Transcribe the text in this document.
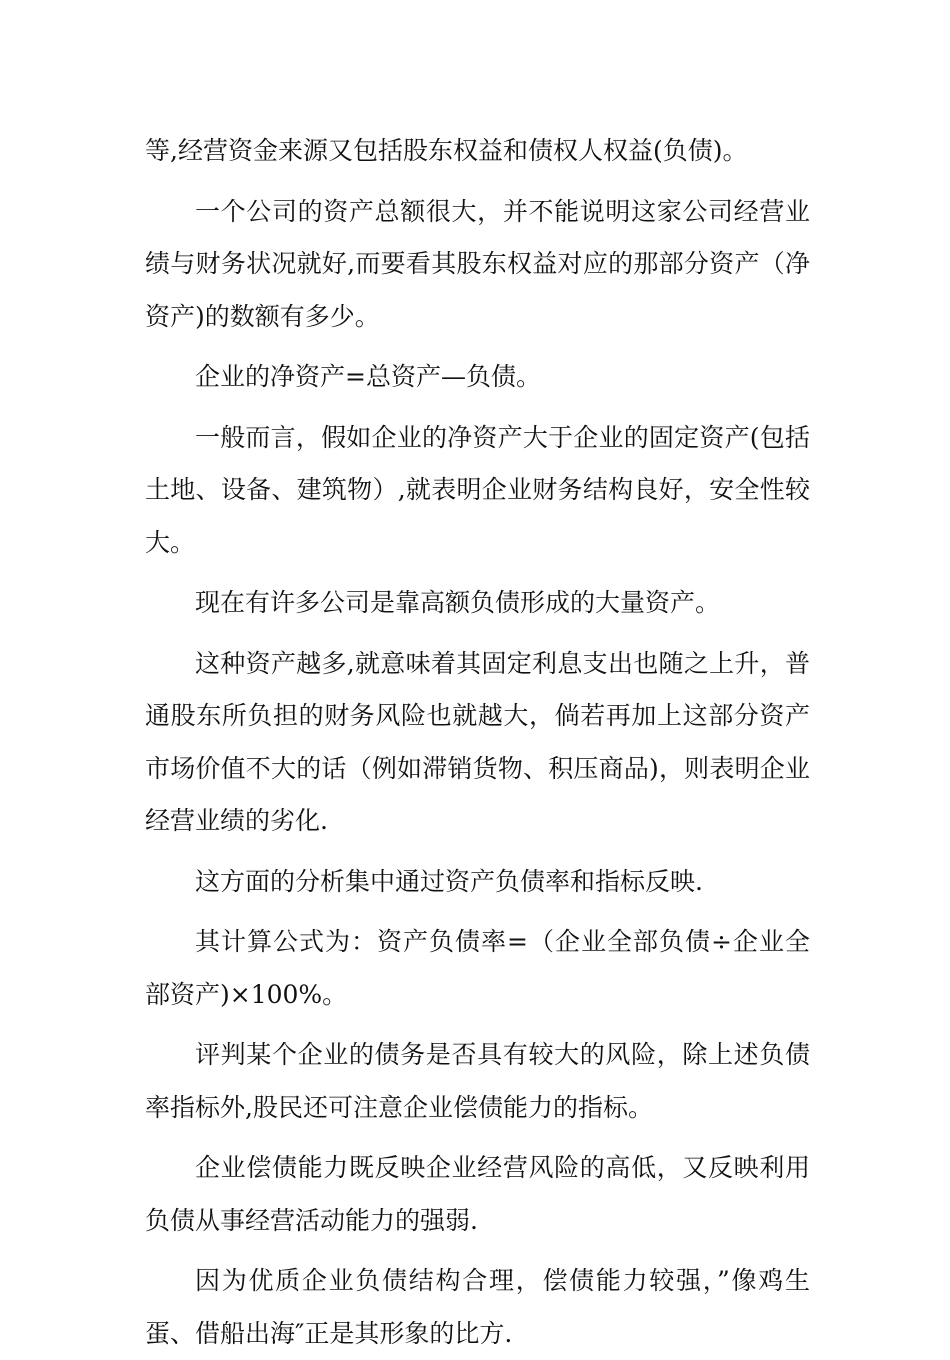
等,经营资金来源又包括股东权益和债权人权益(负债)。

一个公司的资产总额很大，并不能说明这家公司经营业绩与财务状况就好,而要看其股东权益对应的那部分资产（净资产)的数额有多少。

企业的净资产=总资产—负债。

一般而言，假如企业的净资产大于企业的固定资产(包括土地、设备、建筑物）,就表明企业财务结构良好，安全性较大。

现在有许多公司是靠高额负债形成的大量资产。

这种资产越多,就意味着其固定利息支出也随之上升，普通股东所负担的财务风险也就越大，倘若再加上这部分资产市场价值不大的话（例如滞销货物、积压商品)，则表明企业经营业绩的劣化.

这方面的分析集中通过资产负债率和指标反映.

其计算公式为：资产负债率=（企业全部负债÷企业全部资产)×100%。

评判某个企业的债务是否具有较大的风险，除上述负债率指标外,股民还可注意企业偿债能力的指标。

企业偿债能力既反映企业经营风险的高低，又反映利用负债从事经营活动能力的强弱.

因为优质企业负债结构合理，偿债能力较强，”像鸡生蛋、借船出海″正是其形象的比方.
